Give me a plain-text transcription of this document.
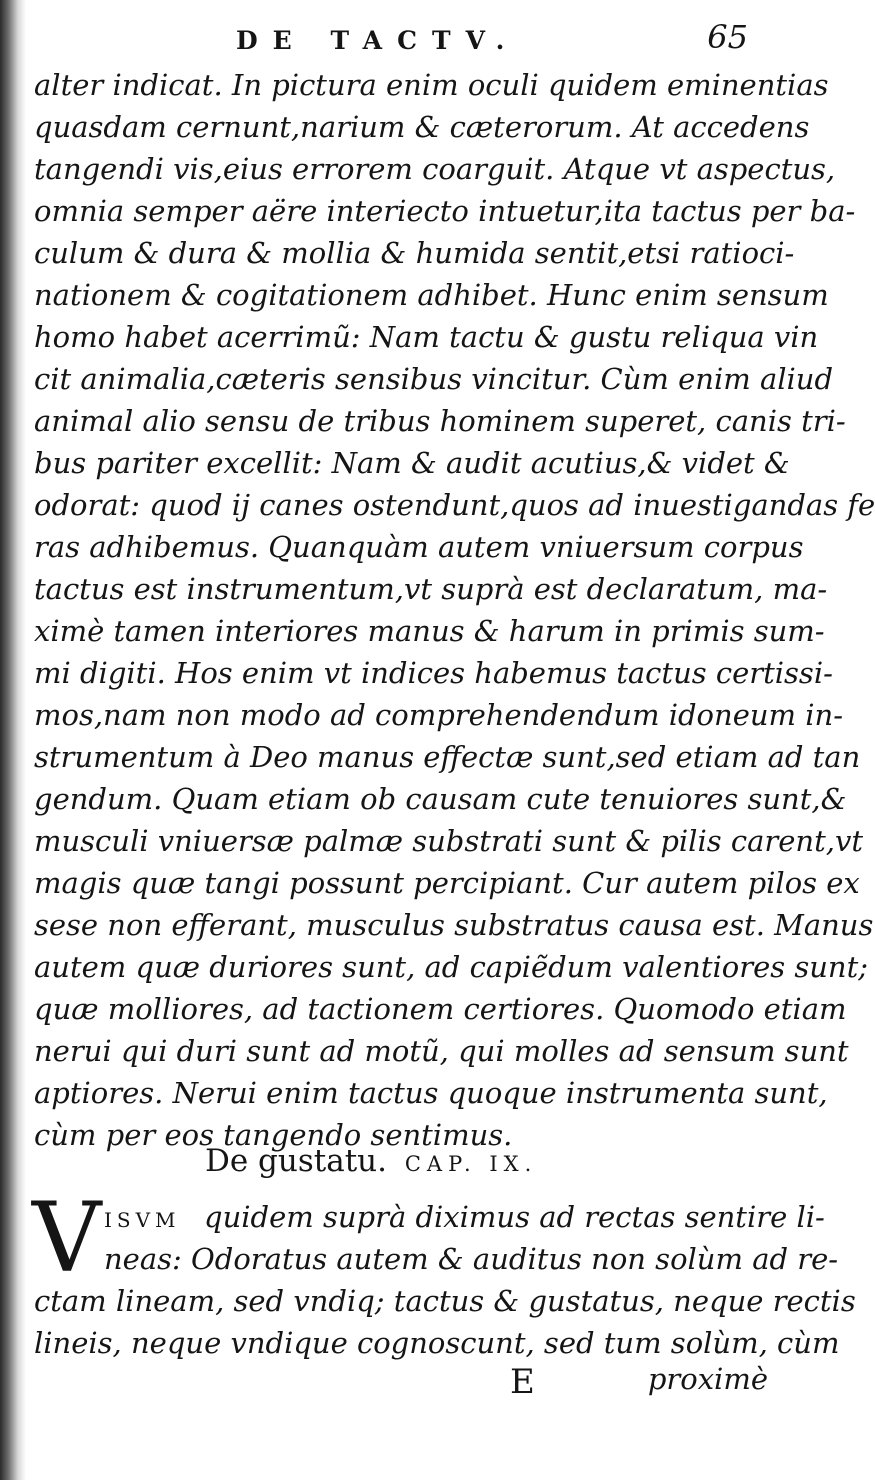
DE TACTV.	65
alter indicat. In pictura enim oculi quidem eminentias
quasdam cernunt,narium & cæterorum. At accedens
tangendi vis,eius errorem coarguit. Atque vt aspectus,
omnia semper aëre interiecto intuetur,ita tactus per ba-
culum & dura & mollia & humida sentit,etsi ratioci-
nationem & cogitationem adhibet. Hunc enim sensum
homo habet acerrimũ: Nam tactu & gustu reliqua vin
cit animalia,cæteris sensibus vincitur. Cùm enim aliud
animal alio sensu de tribus hominem superet, canis tri-
bus pariter excellit: Nam & audit acutius,& videt &
odorat: quod ij canes ostendunt,quos ad inuestigandas fe
ras adhibemus. Quanquàm autem vniuersum corpus
tactus est instrumentum,vt suprà est declaratum, ma-
ximè tamen interiores manus & harum in primis sum-
mi digiti. Hos enim vt indices habemus tactus certissi-
mos,nam non modo ad comprehendendum idoneum in-
strumentum à Deo manus effectæ sunt,sed etiam ad tan
gendum. Quam etiam ob causam cute tenuiores sunt,&
musculi vniuersæ palmæ substrati sunt & pilis carent,vt
magis quæ tangi possunt percipiant. Cur autem pilos ex
sese non efferant, musculus substratus causa est. Manus
autem quæ duriores sunt, ad capiẽdum valentiores sunt;
quæ molliores, ad tactionem certiores. Quomodo etiam
nerui qui duri sunt ad motũ, qui molles ad sensum sunt
aptiores. Nerui enim tactus quoque instrumenta sunt,
cùm per eos tangendo sentimus.
De gustatu. CAP. IX.
V ISVM quidem suprà diximus ad rectas sentire li-
neas: Odoratus autem & auditus non solùm ad re-
ctam lineam, sed vndiq; tactus & gustatus, neque rectis
lineis, neque vndique cognoscunt, sed tum solùm, cùm
E	proximè
